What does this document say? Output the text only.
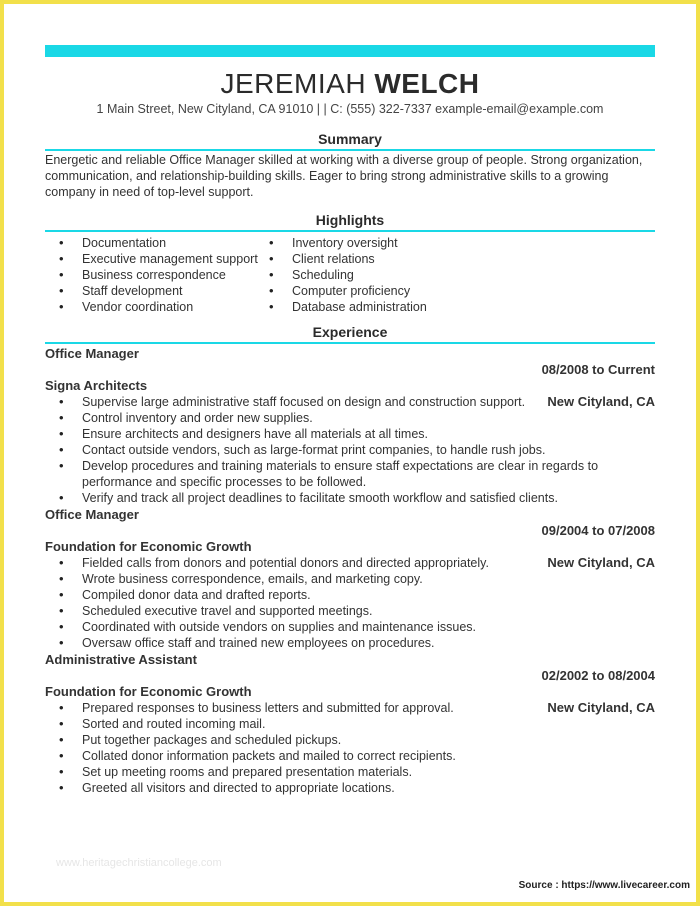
JEREMIAH WELCH
1 Main Street, New Cityland, CA 91010 | | C: (555) 322-7337 example-email@example.com
Summary
Energetic and reliable Office Manager skilled at working with a diverse group of people. Strong organization, communication, and relationship-building skills. Eager to bring strong administrative skills to a growing company in need of top-level support.
Highlights
• Documentation
• Executive management support
• Business correspondence
• Staff development
• Vendor coordination
• Inventory oversight
• Client relations
• Scheduling
• Computer proficiency
• Database administration
Experience
Office Manager
08/2008 to Current
Signa Architects
New Cityland, CA
• Supervise large administrative staff focused on design and construction support.
• Control inventory and order new supplies.
• Ensure architects and designers have all materials at all times.
• Contact outside vendors, such as large-format print companies, to handle rush jobs.
• Develop procedures and training materials to ensure staff expectations are clear in regards to performance and specific processes to be followed.
• Verify and track all project deadlines to facilitate smooth workflow and satisfied clients.
Office Manager
09/2004 to 07/2008
Foundation for Economic Growth
New Cityland, CA
• Fielded calls from donors and potential donors and directed appropriately.
• Wrote business correspondence, emails, and marketing copy.
• Compiled donor data and drafted reports.
• Scheduled executive travel and supported meetings.
• Coordinated with outside vendors on supplies and maintenance issues.
• Oversaw office staff and trained new employees on procedures.
Administrative Assistant
02/2002 to 08/2004
Foundation for Economic Growth
New Cityland, CA
• Prepared responses to business letters and submitted for approval.
• Sorted and routed incoming mail.
• Put together packages and scheduled pickups.
• Collated donor information packets and mailed to correct recipients.
• Set up meeting rooms and prepared presentation materials.
• Greeted all visitors and directed to appropriate locations.
www.heritagechristiancollege.com
Source : https://www.livecareer.com
